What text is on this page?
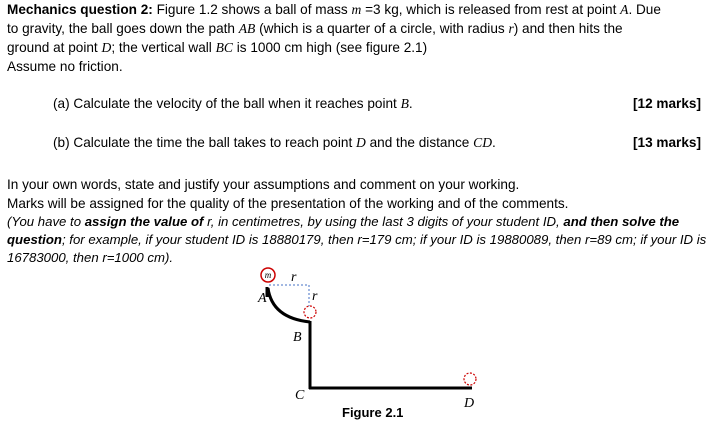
Mechanics question 2: Figure 1.2 shows a ball of mass m =3 kg, which is released from rest at point A. Due
to gravity, the ball goes down the path AB (which is a quarter of a circle, with radius r) and then hits the
ground at point D; the vertical wall BC is 1000 cm high (see figure 2.1)
Assume no friction.
(a) Calculate the velocity of the ball when it reaches point B.	[12 marks]
(b) Calculate the time the ball takes to reach point D and the distance CD.	[13 marks]
In your own words, state and justify your assumptions and comment on your working.
Marks will be assigned for the quality of the presentation of the working and of the comments.
(You have to assign the value of r, in centimetres, by using the last 3 digits of your student ID, and then solve the question; for example, if your student ID is 18880179, then r=179 cm; if your ID is 19880089, then r=89 cm; if your ID is 16783000, then r=1000 cm).
m r
r
A
B
C
D
Figure 2.1
